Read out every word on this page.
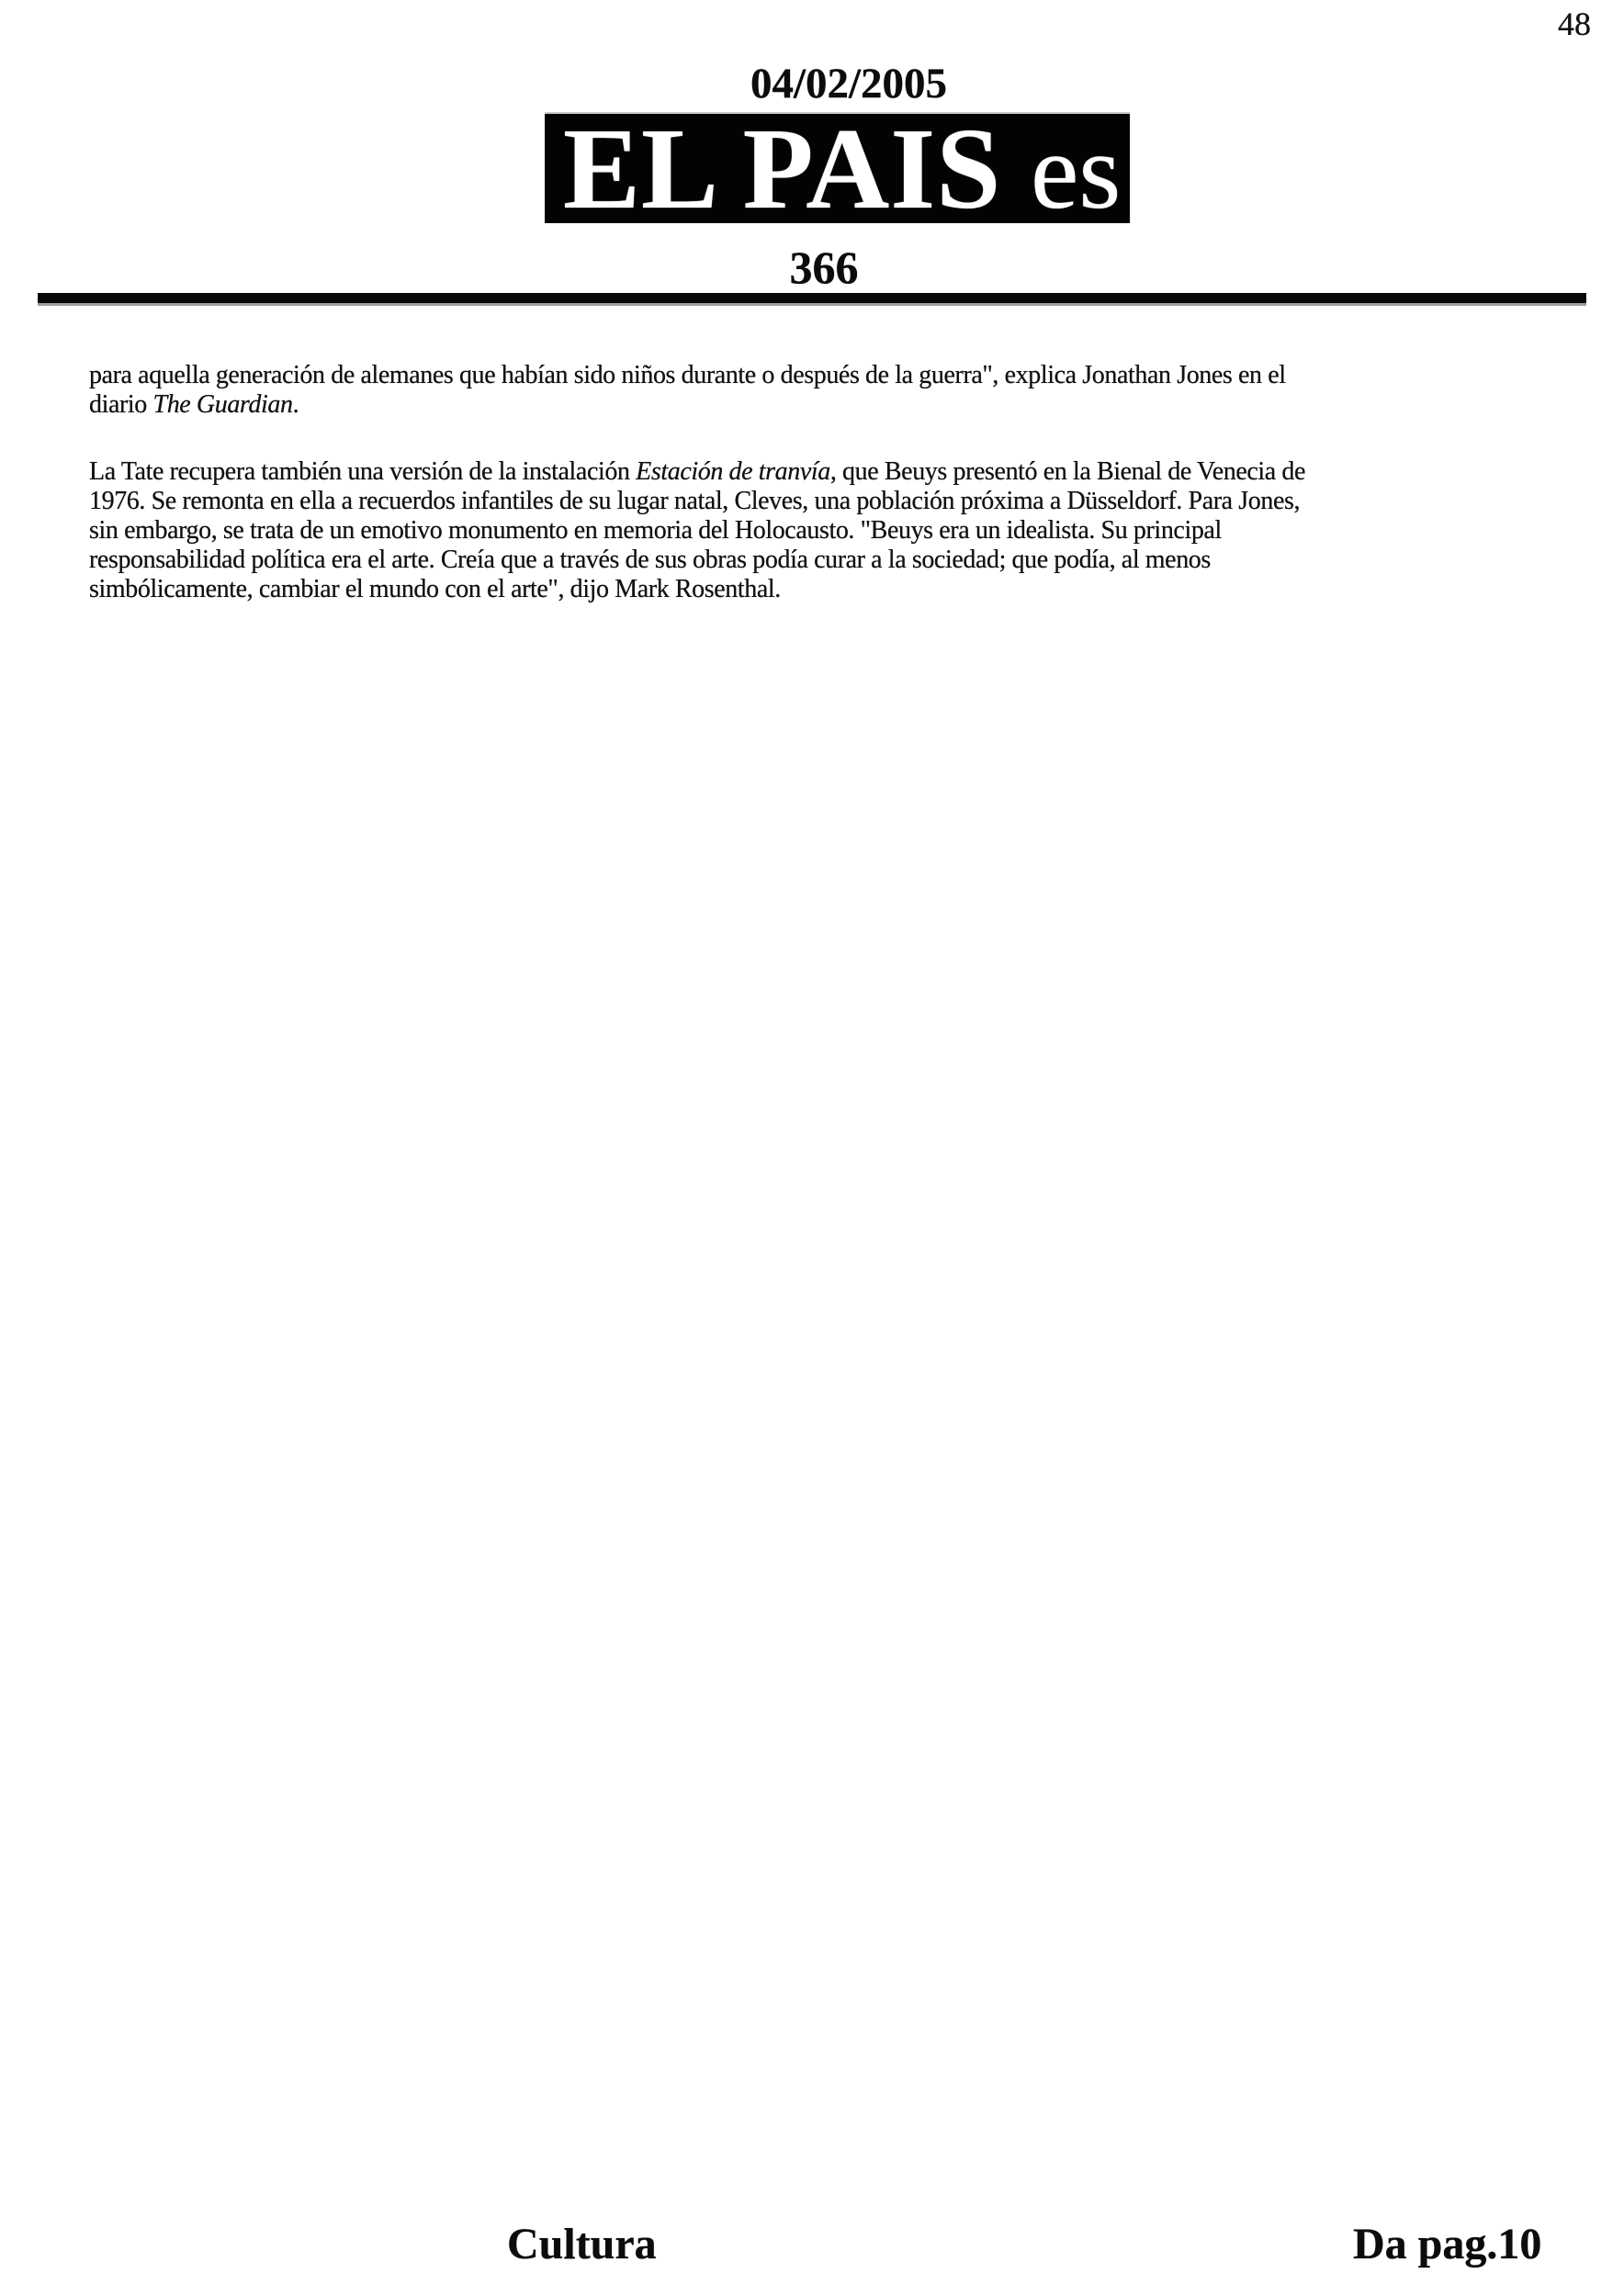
48
04/02/2005
EL PAIS es
366
para aquella generación de alemanes que habían sido niños durante o después de la guerra", explica Jonathan Jones en el
diario The Guardian.
La Tate recupera también una versión de la instalación Estación de tranvía, que Beuys presentó en la Bienal de Venecia de
1976. Se remonta en ella a recuerdos infantiles de su lugar natal, Cleves, una población próxima a Düsseldorf. Para Jones,
sin embargo, se trata de un emotivo monumento en memoria del Holocausto. "Beuys era un idealista. Su principal
responsabilidad política era el arte. Creía que a través de sus obras podía curar a la sociedad; que podía, al menos
simbólicamente, cambiar el mundo con el arte", dijo Mark Rosenthal.
Cultura	Da pag.10
